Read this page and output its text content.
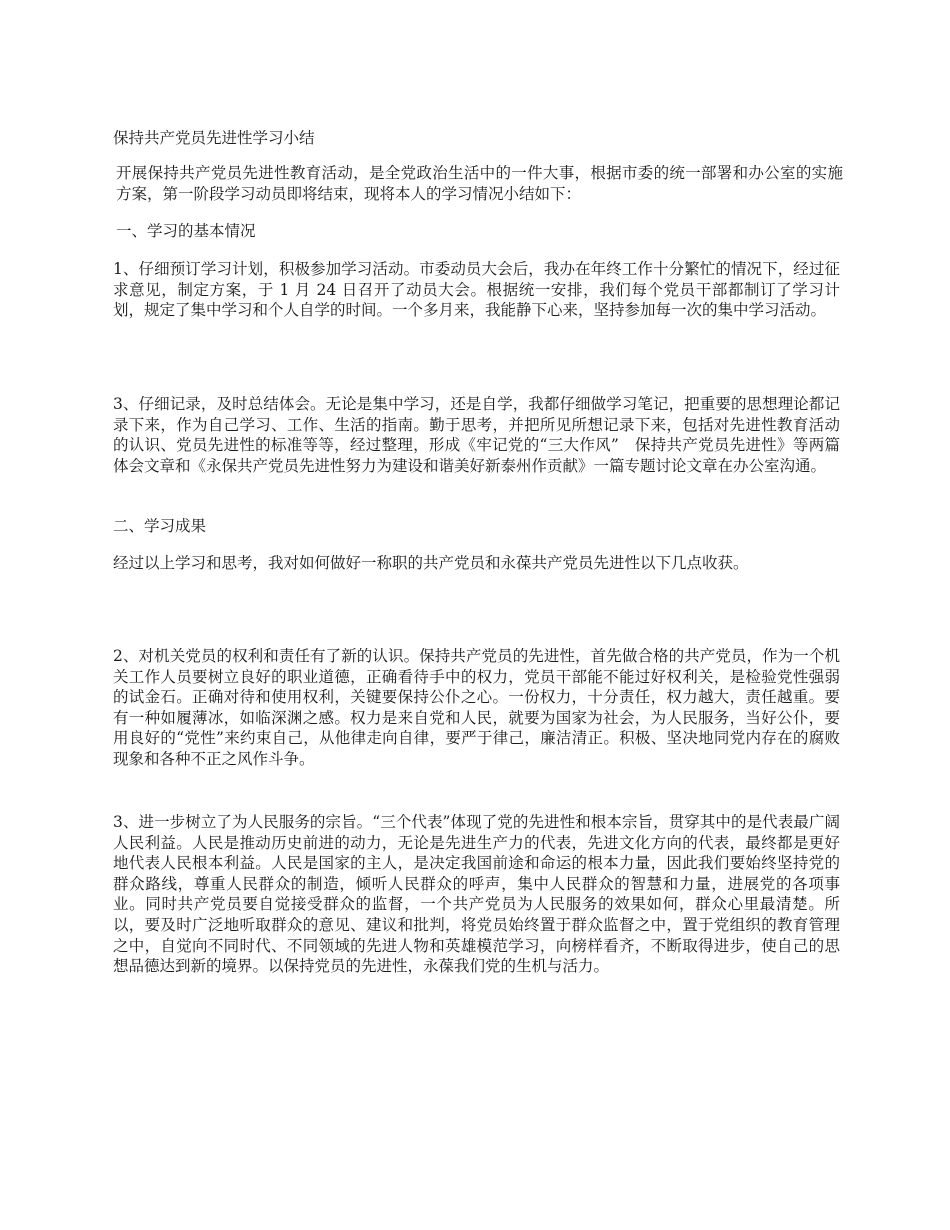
保持共产党员先进性学习小结

开展保持共产党员先进性教育活动，是全党政治生活中的一件大事，根据市委的统一部署和办公室的实施方案，第一阶段学习动员即将结束，现将本人的学习情况小结如下：

一、学习的基本情况

1、仔细预订学习计划，积极参加学习活动。市委动员大会后，我办在年终工作十分繁忙的情况下，经过征求意见，制定方案，于 1 月 24 日召开了动员大会。根据统一安排，我们每个党员干部都制订了学习计划，规定了集中学习和个人自学的时间。一个多月来，我能静下心来，坚持参加每一次的集中学习活动。

3、仔细记录，及时总结体会。无论是集中学习，还是自学，我都仔细做学习笔记，把重要的思想理论都记录下来，作为自己学习、工作、生活的指南。勤于思考，并把所见所想记录下来，包括对先进性教育活动的认识、党员先进性的标准等等，经过整理，形成《牢记党的“三大作风”　保持共产党员先进性》等两篇体会文章和《永保共产党员先进性努力为建设和谐美好新泰州作贡献》一篇专题讨论文章在办公室沟通。

二、学习成果

经过以上学习和思考，我对如何做好一称职的共产党员和永葆共产党员先进性以下几点收获。

2、对机关党员的权利和责任有了新的认识。保持共产党员的先进性，首先做合格的共产党员，作为一个机关工作人员要树立良好的职业道德，正确看待手中的权力，党员干部能不能过好权利关，是检验党性强弱的试金石。正确对待和使用权利，关键要保持公仆之心。一份权力，十分责任，权力越大，责任越重。要有一种如履薄冰，如临深渊之感。权力是来自党和人民，就要为国家为社会，为人民服务，当好公仆，要用良好的“党性”来约束自己，从他律走向自律，要严于律己，廉洁清正。积极、坚决地同党内存在的腐败现象和各种不正之风作斗争。

3、进一步树立了为人民服务的宗旨。“三个代表”体现了党的先进性和根本宗旨，贯穿其中的是代表最广阔人民利益。人民是推动历史前进的动力，无论是先进生产力的代表，先进文化方向的代表，最终都是更好地代表人民根本利益。人民是国家的主人，是决定我国前途和命运的根本力量，因此我们要始终坚持党的群众路线，尊重人民群众的制造，倾听人民群众的呼声，集中人民群众的智慧和力量，进展党的各项事业。同时共产党员要自觉接受群众的监督，一个共产党员为人民服务的效果如何，群众心里最清楚。所以，要及时广泛地听取群众的意见、建议和批判，将党员始终置于群众监督之中，置于党组织的教育管理之中，自觉向不同时代、不同领域的先进人物和英雄模范学习，向榜样看齐，不断取得进步，使自己的思想品德达到新的境界。以保持党员的先进性，永葆我们党的生机与活力。
